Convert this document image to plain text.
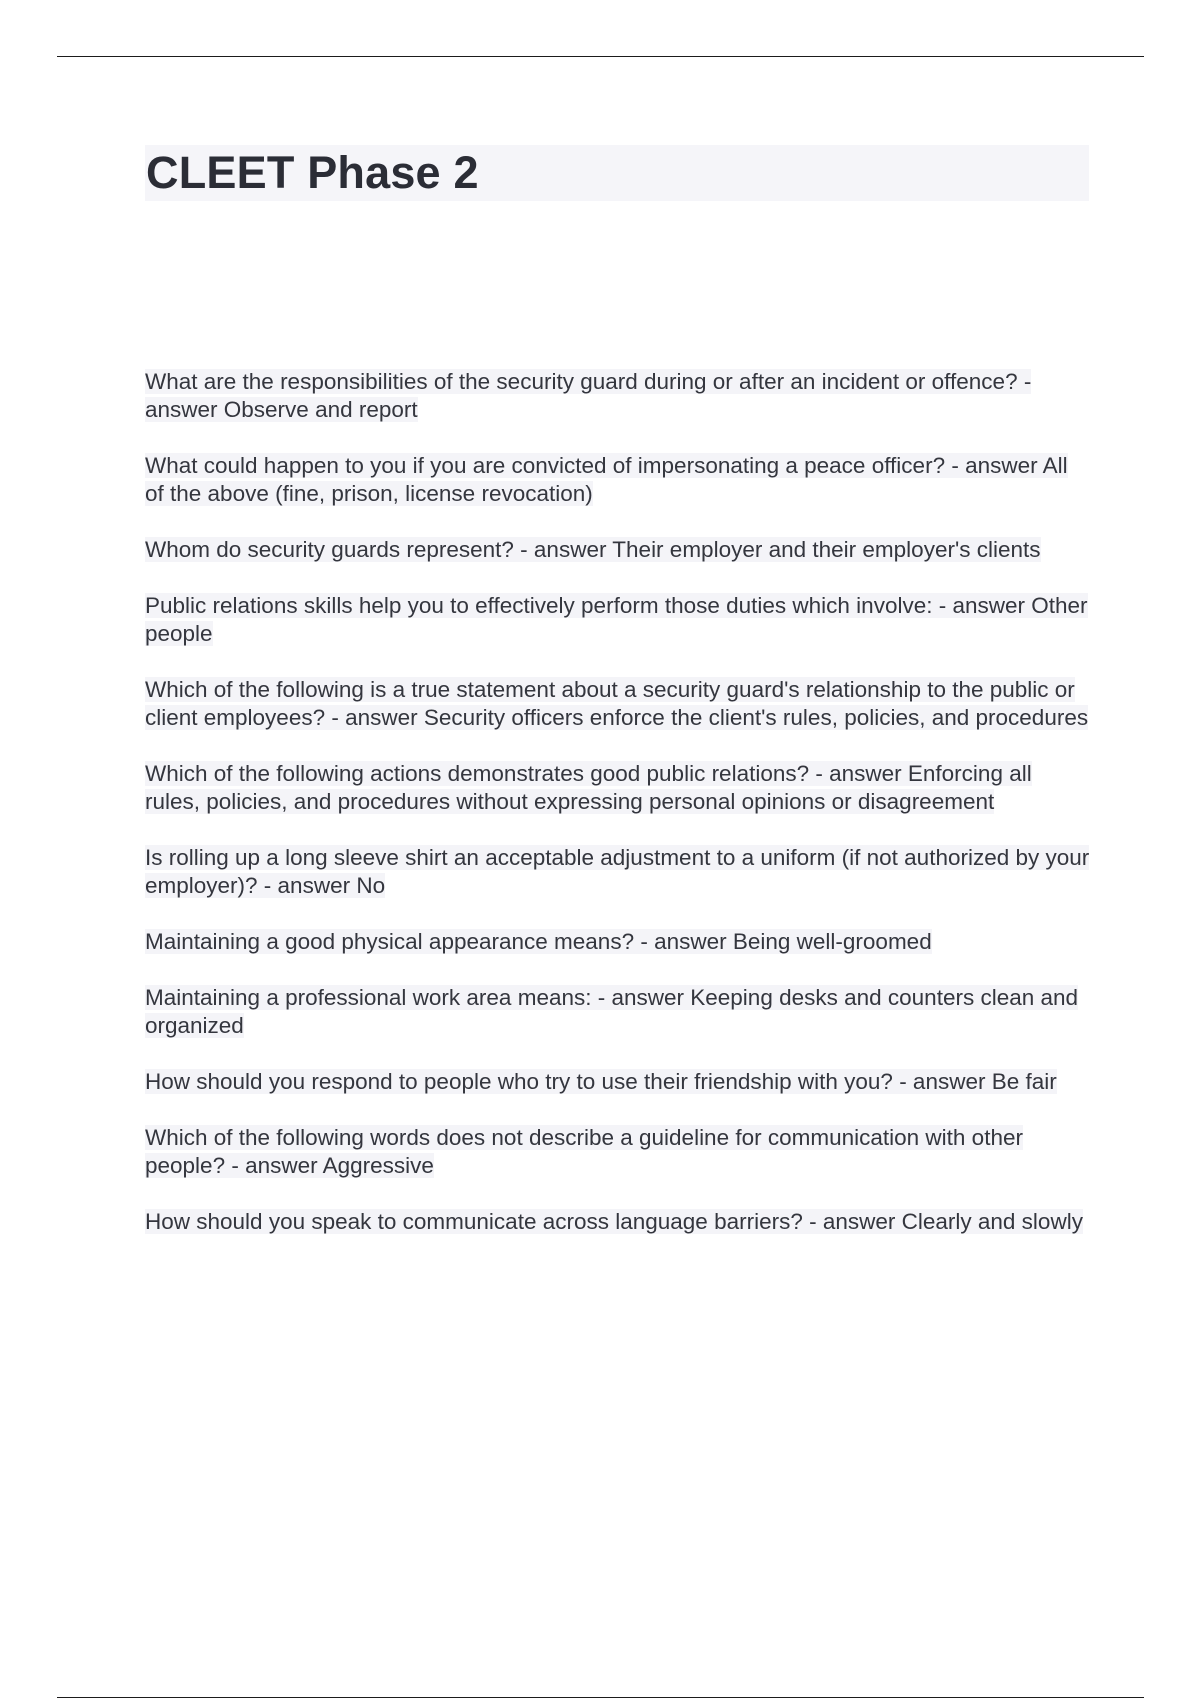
CLEET Phase 2
What are the responsibilities of the security guard during or after an incident or offence? - answer Observe and report
What could happen to you if you are convicted of impersonating a peace officer? - answer All of the above (fine, prison, license revocation)
Whom do security guards represent? - answer Their employer and their employer's clients
Public relations skills help you to effectively perform those duties which involve: - answer Other people
Which of the following is a true statement about a security guard's relationship to the public or client employees? - answer Security officers enforce the client's rules, policies, and procedures
Which of the following actions demonstrates good public relations? - answer Enforcing all rules, policies, and procedures without expressing personal opinions or disagreement
Is rolling up a long sleeve shirt an acceptable adjustment to a uniform (if not authorized by your employer)? - answer No
Maintaining a good physical appearance means? - answer Being well-groomed
Maintaining a professional work area means: - answer Keeping desks and counters clean and organized
How should you respond to people who try to use their friendship with you? - answer Be fair
Which of the following words does not describe a guideline for communication with other people? - answer Aggressive
How should you speak to communicate across language barriers? - answer Clearly and slowly
